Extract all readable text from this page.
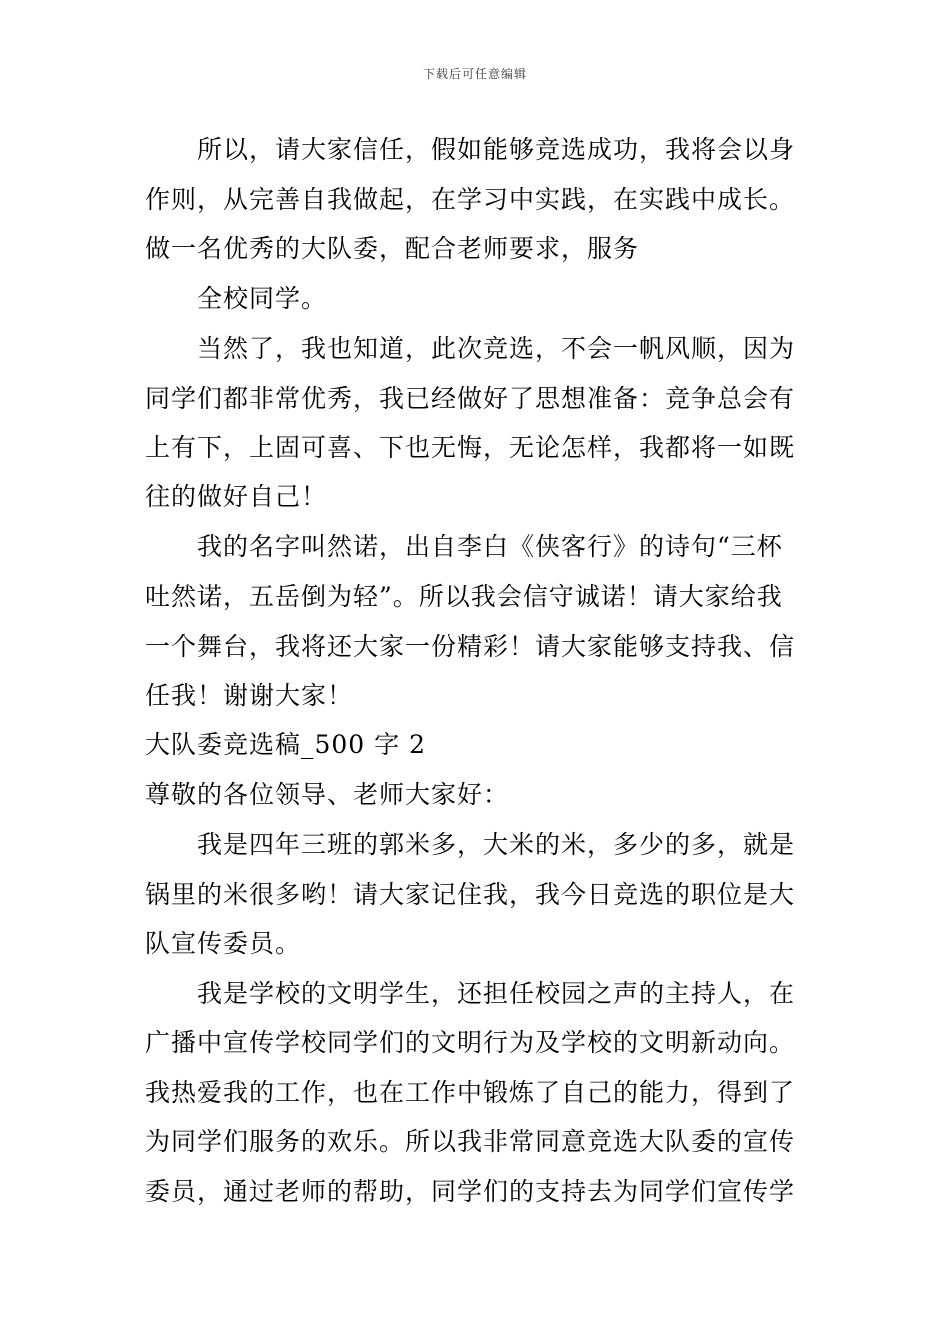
下载后可任意编辑
所以，请大家信任，假如能够竞选成功，我将会以身
作则，从完善自我做起，在学习中实践，在实践中成长。
做一名优秀的大队委，配合老师要求，服务
全校同学。
当然了，我也知道，此次竞选，不会一帆风顺，因为
同学们都非常优秀，我已经做好了思想准备：竞争总会有
上有下，上固可喜、下也无悔，无论怎样，我都将一如既
往的做好自己！
我的名字叫然诺，出自李白《侠客行》的诗句“三杯
吐然诺，五岳倒为轻”。所以我会信守诚诺！请大家给我
一个舞台，我将还大家一份精彩！请大家能够支持我、信
任我！谢谢大家！
大队委竞选稿_500 字 2
尊敬的各位领导、老师大家好：
我是四年三班的郭米多，大米的米，多少的多，就是
锅里的米很多哟！请大家记住我，我今日竞选的职位是大
队宣传委员。
我是学校的文明学生，还担任校园之声的主持人，在
广播中宣传学校同学们的文明行为及学校的文明新动向。
我热爱我的工作，也在工作中锻炼了自己的能力，得到了
为同学们服务的欢乐。所以我非常同意竞选大队委的宣传
委员，通过老师的帮助，同学们的支持去为同学们宣传学
